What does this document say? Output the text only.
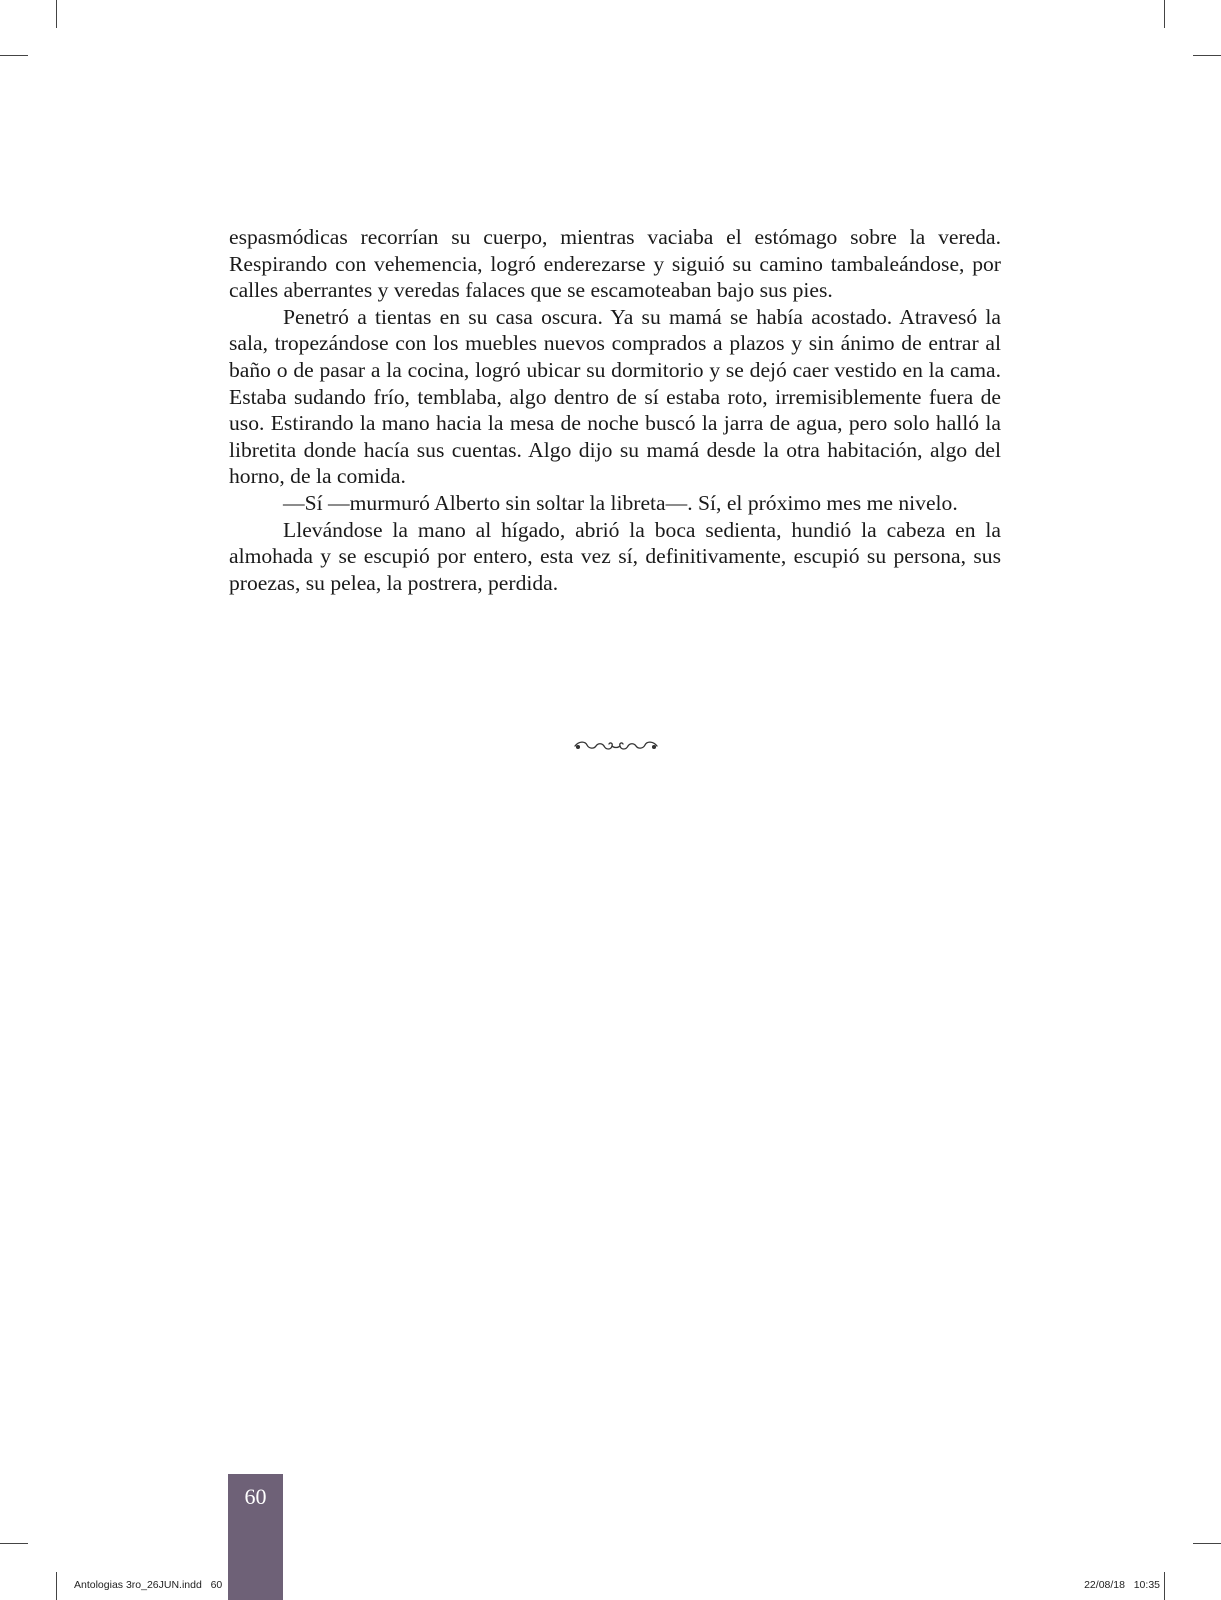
espasmódicas recorrían su cuerpo, mientras vaciaba el estómago sobre la vereda. Respirando con vehemencia, logró enderezarse y siguió su camino tambaleándose, por calles aberrantes y veredas falaces que se escamoteaban bajo sus pies.

Penetró a tientas en su casa oscura. Ya su mamá se había acostado. Atravesó la sala, tropezándose con los muebles nuevos comprados a plazos y sin ánimo de entrar al baño o de pasar a la cocina, logró ubicar su dormitorio y se dejó caer vestido en la cama. Estaba sudando frío, temblaba, algo dentro de sí estaba roto, irremisiblemente fuera de uso. Estirando la mano hacia la mesa de noche buscó la jarra de agua, pero solo halló la libretita donde hacía sus cuentas. Algo dijo su mamá desde la otra habitación, algo del horno, de la comida.

—Sí —murmuró Alberto sin soltar la libreta—. Sí, el próximo mes me nivelo.

Llevándose la mano al hígado, abrió la boca sedienta, hundió la cabeza en la almohada y se escupió por entero, esta vez sí, definitivamente, escupió su persona, sus proezas, su pelea, la postrera, perdida.

60
Antologias 3ro_26JUN.indd   60	22/08/18   10:35
